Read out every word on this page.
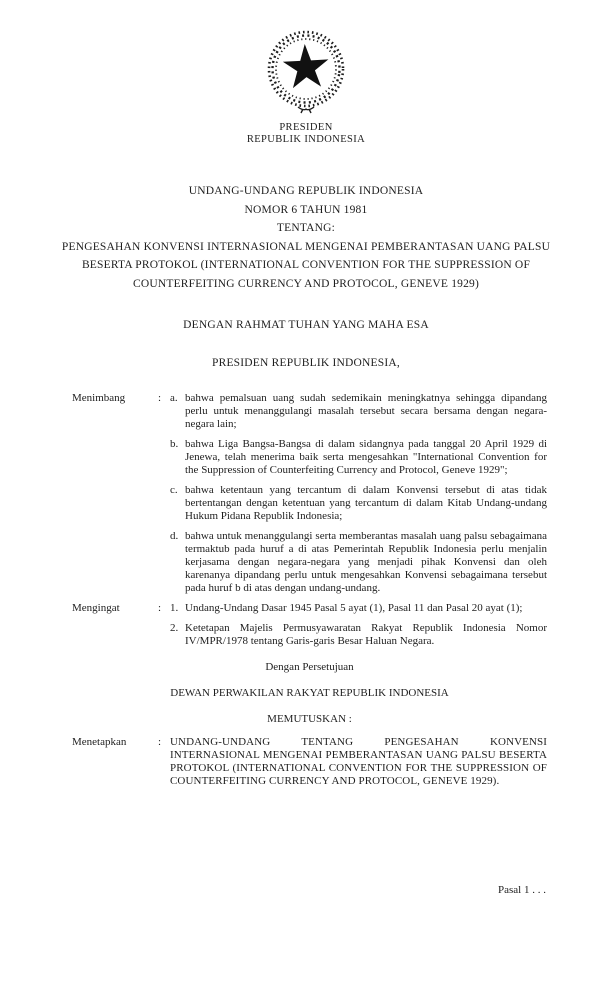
PRESIDEN
REPUBLIK INDONESIA
UNDANG-UNDANG REPUBLIK INDONESIA
NOMOR 6 TAHUN 1981
TENTANG:
PENGESAHAN KONVENSI INTERNASIONAL MENGENAI PEMBERANTASAN UANG PALSU
BESERTA PROTOKOL (INTERNATIONAL CONVENTION FOR THE SUPPRESSION OF
COUNTERFEITING CURRENCY AND PROTOCOL, GENEVE 1929)
DENGAN RAHMAT TUHAN YANG MAHA ESA
PRESIDEN REPUBLIK INDONESIA,
Menimbang	: a. bahwa pemalsuan uang sudah sedemikain meningkatnya sehingga dipandang perlu untuk menanggulangi masalah tersebut secara bersama dengan negara-negara lain;
b. bahwa Liga Bangsa-Bangsa di dalam sidangnya pada tanggal 20 April 1929 di Jenewa, telah menerima baik serta mengesahkan "International Convention for the Suppression of Counterfeiting Currency and Protocol, Geneve 1929";
c. bahwa ketentaun yang tercantum di dalam Konvensi tersebut di atas tidak bertentangan dengan ketentuan yang tercantum di dalam Kitab Undang-undang Hukum Pidana Republik Indonesia;
d. bahwa untuk menanggulangi serta memberantas masalah uang palsu sebagaimana termaktub pada huruf a di atas Pemerintah Republik Indonesia perlu menjalin kerjasama dengan negara-negara yang menjadi pihak Konvensi dan oleh karenanya dipandang perlu untuk mengesahkan Konvensi sebagaimana tersebut pada huruf b di atas dengan undang-undang.
Mengingat	: 1. Undang-Undang Dasar 1945 Pasal 5 ayat (1), Pasal 11 dan Pasal 20 ayat (1);
2. Ketetapan Majelis Permusyawaratan Rakyat Republik Indonesia Nomor IV/MPR/1978 tentang Garis-garis Besar Haluan Negara.
Dengan Persetujuan
DEWAN PERWAKILAN RAKYAT REPUBLIK INDONESIA
MEMUTUSKAN :
Menetapkan	: UNDANG-UNDANG TENTANG PENGESAHAN KONVENSI INTERNASIONAL MENGENAI PEMBERANTASAN UANG PALSU BESERTA PROTOKOL (INTERNATIONAL CONVENTION FOR THE SUPPRESSION OF COUNTERFEITING CURRENCY AND PROTOCOL, GENEVE 1929).
Pasal 1 . . .
